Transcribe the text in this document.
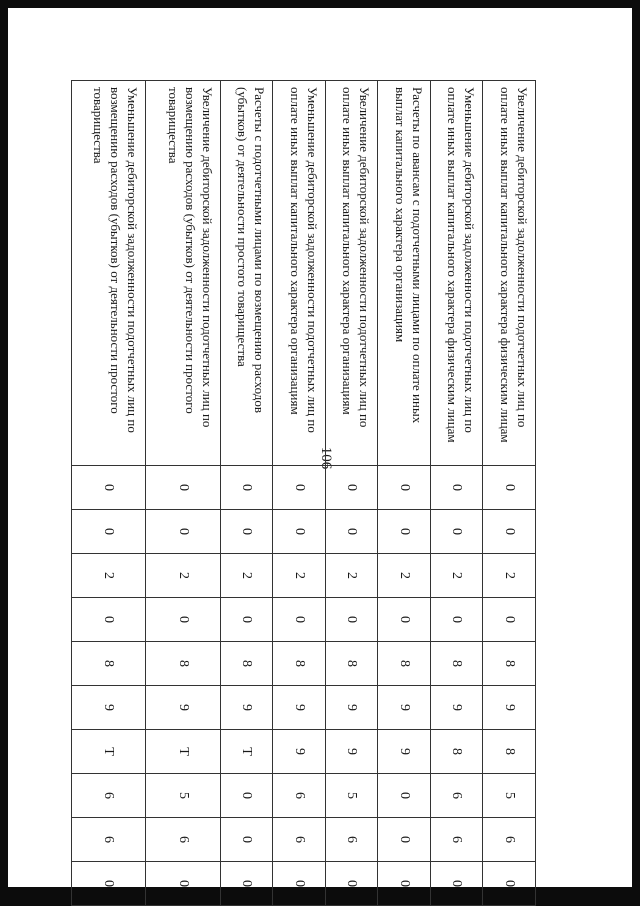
106
Увеличение дебиторской задолженности подотчетных лиц по оплате иных выплат капитального характера физическим лицам	0	0	2	0	8	9	8	5	6	0
Уменьшение дебиторской задолженности подотчетных лиц по оплате иных выплат капитального характера физическим лицам	0	0	2	0	8	9	8	6	6	0
Расчеты по авансам с подотчетными лицами по оплате иных выплат капитального характера организациям	0	0	2	0	8	9	9	0	0	0
Увеличение дебиторской задолженности подотчетных лиц по оплате иных выплат капитального характера организациям	0	0	2	0	8	9	9	5	6	0
Уменьшение дебиторской задолженности подотчетных лиц по оплате иных выплат капитального характера организациям	0	0	2	0	8	9	9	6	6	0
Расчеты с подотчетными лицами по возмещению расходов (убытков) от деятельности простого товарищества	0	0	2	0	8	9	Т	0	0	0
Увеличение дебиторской задолженности подотчетных лиц по возмещению расходов (убытков) от деятельности простого товарищества	0	0	2	0	8	9	Т	5	6	0
Уменьшение дебиторской задолженности подотчетных лиц по возмещению расходов (убытков) от деятельности простого товарищества	0	0	2	0	8	9	Т	6	6	0
